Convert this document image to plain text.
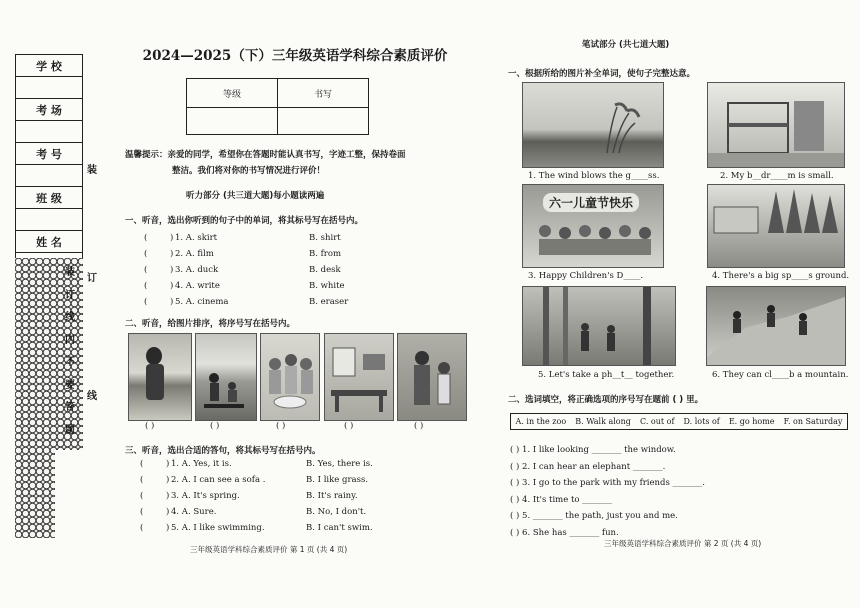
学 校

考 场

考 号

班 级

姓 名

装
订
线
内
不
要
答
题
装
订
线
2024—2025（下）三年级英语学科综合素质评价
等级	书写

温馨提示：亲爱的同学，希望你在答题时能认真书写，字迹工整，保持卷面
整洁。我们将对你的书写情况进行评价！
听力部分 (共三道大题)每小题读两遍
一、听音，选出你听到的句子中的单词，将其标号写在括号内。
(	) 1. A. skirt	B. shirt
(	) 2. A. film	B. from
(	) 3. A. duck	B. desk
(	) 4. A. write	B. white
(	) 5. A. cinema	B. eraser
二、听音，给图片排序，将序号写在括号内。
( )	( )	( )	( )	( )
三、听音，选出合适的答句，将其标号写在括号内。
(	) 1. A. Yes, it is.	B. Yes, there is.
(	) 2. A. I can see a sofa .	B. I like grass.
(	) 3. A. It's spring.	B. It's rainy.
(	) 4. A. Sure.	B. No, I don't.
(	) 5. A. I like swimming.	B. I can't swim.
三年级英语学科综合素质评价 第 1 页 (共 4 页)
笔试部分 (共七道大题)
一、根据所给的图片补全单词，使句子完整达意。
六一儿童节快乐
1. The wind blows the g____ss.	2. My b__dr____m is small.
3. Happy Children's D____.	4. There's a big sp____s ground.
5. Let's take a ph__t__ together.	6. They can cl____b a mountain.
二、选词填空，将正确选项的序号写在题前 ( ) 里。
A. in the zoo B. Walk along C. out of D. lots of E. go home F. on Saturday
( ) 1. I like looking _______ the window.
( ) 2. I can hear an elephant _______.
( ) 3. I go to the park with my friends _______.
( ) 4. It's time to _______
( ) 5. _______ the path, just you and me.
( ) 6. She has _______ fun.
三年级英语学科综合素质评价 第 2 页 (共 4 页)
